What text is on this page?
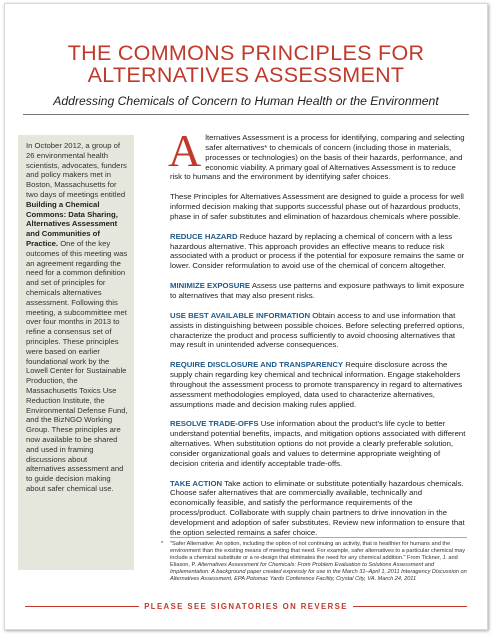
THE COMMONS PRINCIPLES FOR
ALTERNATIVES ASSESSMENT
Addressing Chemicals of Concern to Human Health or the Environment

In October 2012, a group of 26 environmental health scientists, advocates, funders and policy makers met in Boston, Massachusetts for two days of meetings entitled Building a Chemical Commons: Data Sharing, Alternatives Assessment and Communities of Practice. One of the key outcomes of this meeting was an agreement regarding the need for a common definition and set of principles for chemicals alternatives assessment. Following this meeting, a subcommittee met over four months in 2013 to refine a consensus set of principles. These principles were based on earlier foundational work by the Lowell Center for Sustainable Production, the Massachusetts Toxics Use Reduction Institute, the Environmental Defense Fund, and the BizNGO Working Group. These principles are now available to be shared and used in framing discussions about alternatives assessment and to guide decision making about safer chemical use.

Alternatives Assessment is a process for identifying, comparing and selecting safer alternatives* to chemicals of concern (including those in materials, processes or technologies) on the basis of their hazards, performance, and economic viability. A primary goal of Alternatives Assessment is to reduce risk to humans and the environment by identifying safer choices.

These Principles for Alternatives Assessment are designed to guide a process for well informed decision making that supports successful phase out of hazardous products, phase in of safer substitutes and elimination of hazardous chemicals where possible.

REDUCE HAZARD Reduce hazard by replacing a chemical of concern with a less hazardous alternative. This approach provides an effective means to reduce risk associated with a product or process if the potential for exposure remains the same or lower. Consider reformulation to avoid use of the chemical of concern altogether.

MINIMIZE EXPOSURE Assess use patterns and exposure pathways to limit exposure to alternatives that may also present risks.

USE BEST AVAILABLE INFORMATION Obtain access to and use information that assists in distinguishing between possible choices. Before selecting preferred options, characterize the product and process sufficiently to avoid choosing alternatives that may result in unintended adverse consequences.

REQUIRE DISCLOSURE AND TRANSPARENCY Require disclosure across the supply chain regarding key chemical and technical information. Engage stakeholders throughout the assessment process to promote transparency in regard to alternatives assessment methodologies employed, data used to characterize alternatives, assumptions made and decision making rules applied.

RESOLVE TRADE-OFFS Use information about the product's life cycle to better understand potential benefits, impacts, and mitigation options associated with different alternatives. When substitution options do not provide a clearly preferable solution, consider organizational goals and values to determine appropriate weighting of decision criteria and identify acceptable trade-offs.

TAKE ACTION Take action to eliminate or substitute potentially hazardous chemicals. Choose safer alternatives that are commercially available, technically and economically feasible, and satisfy the performance requirements of the process/product. Collaborate with supply chain partners to drive innovation in the development and adoption of safer substitutes. Review new information to ensure that the option selected remains a safer choice.

* "Safer Alternative: An option, including the option of not continuing an activity, that is healthier for humans and the environment than the existing means of meeting that need. For example, safer alternatives to a particular chemical may include a chemical substitute or a re-design that eliminates the need for any chemical addition." From Tickner, J. and Eliason, P. Alternatives Assessment for Chemicals: From Problem Evaluation to Solutions Assessment and Implementation: A background paper created expressly for use in the March 31–April 1, 2011 Interagency Discussion on Alternatives Assessment, EPA Potomac Yards Conference Facility, Crystal City, VA. March 24, 2011
PLEASE SEE SIGNATORIES ON REVERSE
